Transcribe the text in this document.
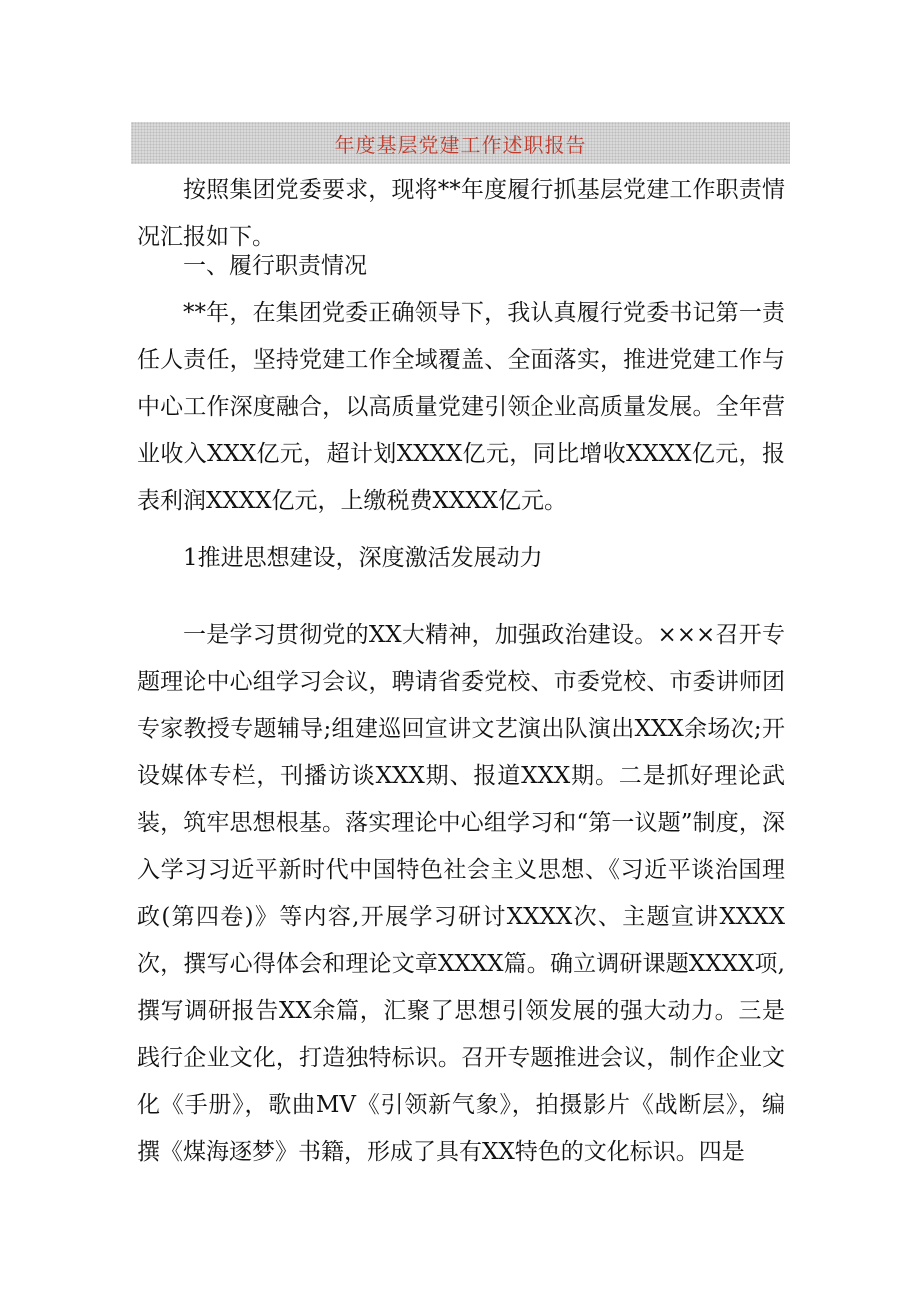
年度基层党建工作述职报告

按照集团党委要求，现将**年度履行抓基层党建工作职责情况汇报如下。

一、履行职责情况

**年，在集团党委正确领导下，我认真履行党委书记第一责任人责任，坚持党建工作全域覆盖、全面落实，推进党建工作与中心工作深度融合，以高质量党建引领企业高质量发展。全年营业收入XXX亿元，超计划XXXX亿元，同比增收XXXX亿元，报表利润XXXX亿元，上缴税费XXXX亿元。

1推进思想建设，深度激活发展动力

一是学习贯彻党的XX大精神，加强政治建设。×××召开专题理论中心组学习会议，聘请省委党校、市委党校、市委讲师团专家教授专题辅导;组建巡回宣讲文艺演出队演出XXX余场次;开设媒体专栏，刊播访谈XXX期、报道XXX期。二是抓好理论武装，筑牢思想根基。落实理论中心组学习和“第一议题”制度，深入学习习近平新时代中国特色社会主义思想、《习近平谈治国理政(第四卷)》等内容,开展学习研讨XXXX次、主题宣讲XXXX次，撰写心得体会和理论文章XXXX篇。确立调研课题XXXX项,撰写调研报告XX余篇，汇聚了思想引领发展的强大动力。三是践行企业文化，打造独特标识。召开专题推进会议，制作企业文化《手册》，歌曲MV《引领新气象》，拍摄影片《战断层》，编撰《煤海逐梦》书籍，形成了具有XX特色的文化标识。四是
